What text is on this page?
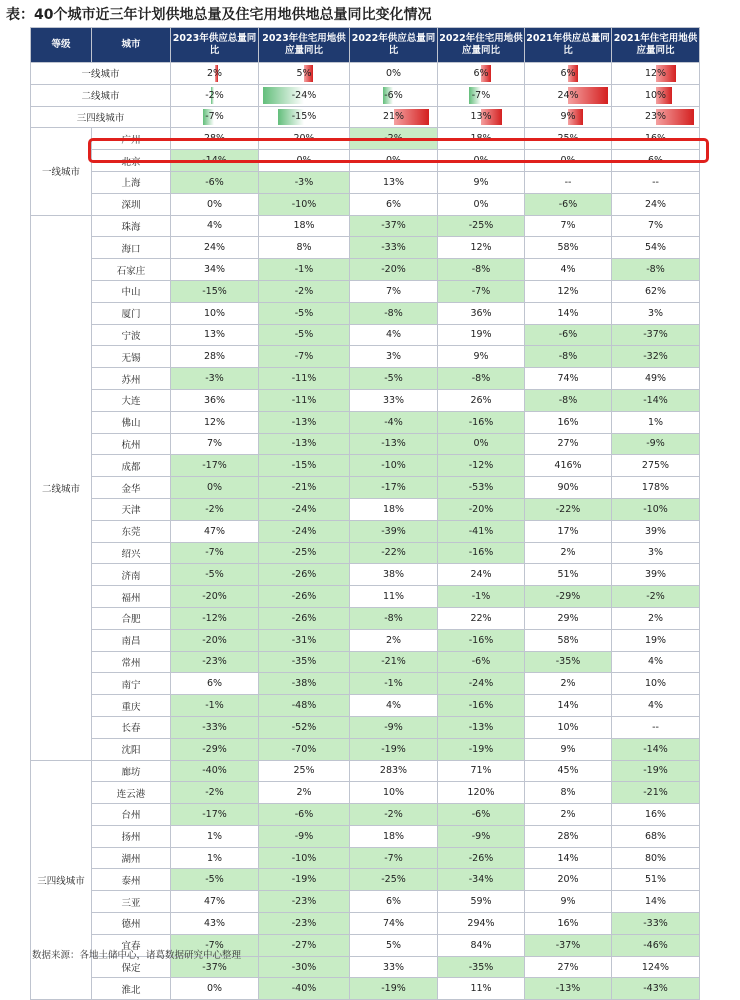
表：40个城市近三年计划供地总量及住宅用地供地总量同比变化情况
等级	城市	2023年供应总量同比	2023年住宅用地供应量同比	2022年供应总量同比	2022年住宅用地供应量同比	2021年供应总量同比	2021年住宅用地供应量同比
一线城市		2%	5%	0%	6%	6%	12%
二线城市		-2%	-24%	-6%	-7%	24%	10%
三四线城市		-7%	-15%	21%	13%	9%	23%
一线城市	广州	28%	20%	-2%	18%	25%	16%
	北京	-14%	0%	0%	0%	0%	6%
	上海	-6%	-3%	13%	9%	--	--
	深圳	0%	-10%	6%	0%	-6%	24%
二线城市	珠海	4%	18%	-37%	-25%	7%	7%
	海口	24%	8%	-33%	12%	58%	54%
	石家庄	34%	-1%	-20%	-8%	4%	-8%
	中山	-15%	-2%	7%	-7%	12%	62%
	厦门	10%	-5%	-8%	36%	14%	3%
	宁波	13%	-5%	4%	19%	-6%	-37%
	无锡	28%	-7%	3%	9%	-8%	-32%
	苏州	-3%	-11%	-5%	-8%	74%	49%
	大连	36%	-11%	33%	26%	-8%	-14%
	佛山	12%	-13%	-4%	-16%	16%	1%
	杭州	7%	-13%	-13%	0%	27%	-9%
	成都	-17%	-15%	-10%	-12%	416%	275%
	金华	0%	-21%	-17%	-53%	90%	178%
	天津	-2%	-24%	18%	-20%	-22%	-10%
	东莞	47%	-24%	-39%	-41%	17%	39%
	绍兴	-7%	-25%	-22%	-16%	2%	3%
	济南	-5%	-26%	38%	24%	51%	39%
	福州	-20%	-26%	11%	-1%	-29%	-2%
	合肥	-12%	-26%	-8%	22%	29%	2%
	南昌	-20%	-31%	2%	-16%	58%	19%
	常州	-23%	-35%	-21%	-6%	-35%	4%
	南宁	6%	-38%	-1%	-24%	2%	10%
	重庆	-1%	-48%	4%	-16%	14%	4%
	长春	-33%	-52%	-9%	-13%	10%	--
	沈阳	-29%	-70%	-19%	-19%	9%	-14%
三四线城市	廊坊	-40%	25%	283%	71%	45%	-19%
	连云港	-2%	2%	10%	120%	8%	-21%
	台州	-17%	-6%	-2%	-6%	2%	16%
	扬州	1%	-9%	18%	-9%	28%	68%
	湖州	1%	-10%	-7%	-26%	14%	80%
	泰州	-5%	-19%	-25%	-34%	20%	51%
	三亚	47%	-23%	6%	59%	9%	14%
	德州	43%	-23%	74%	294%	16%	-33%
	宜春	-7%	-27%	5%	84%	-37%	-46%
	保定	-37%	-30%	33%	-35%	27%	124%
	淮北	0%	-40%	-19%	11%	-13%	-43%
数据来源：各地土储中心，诸葛数据研究中心整理
